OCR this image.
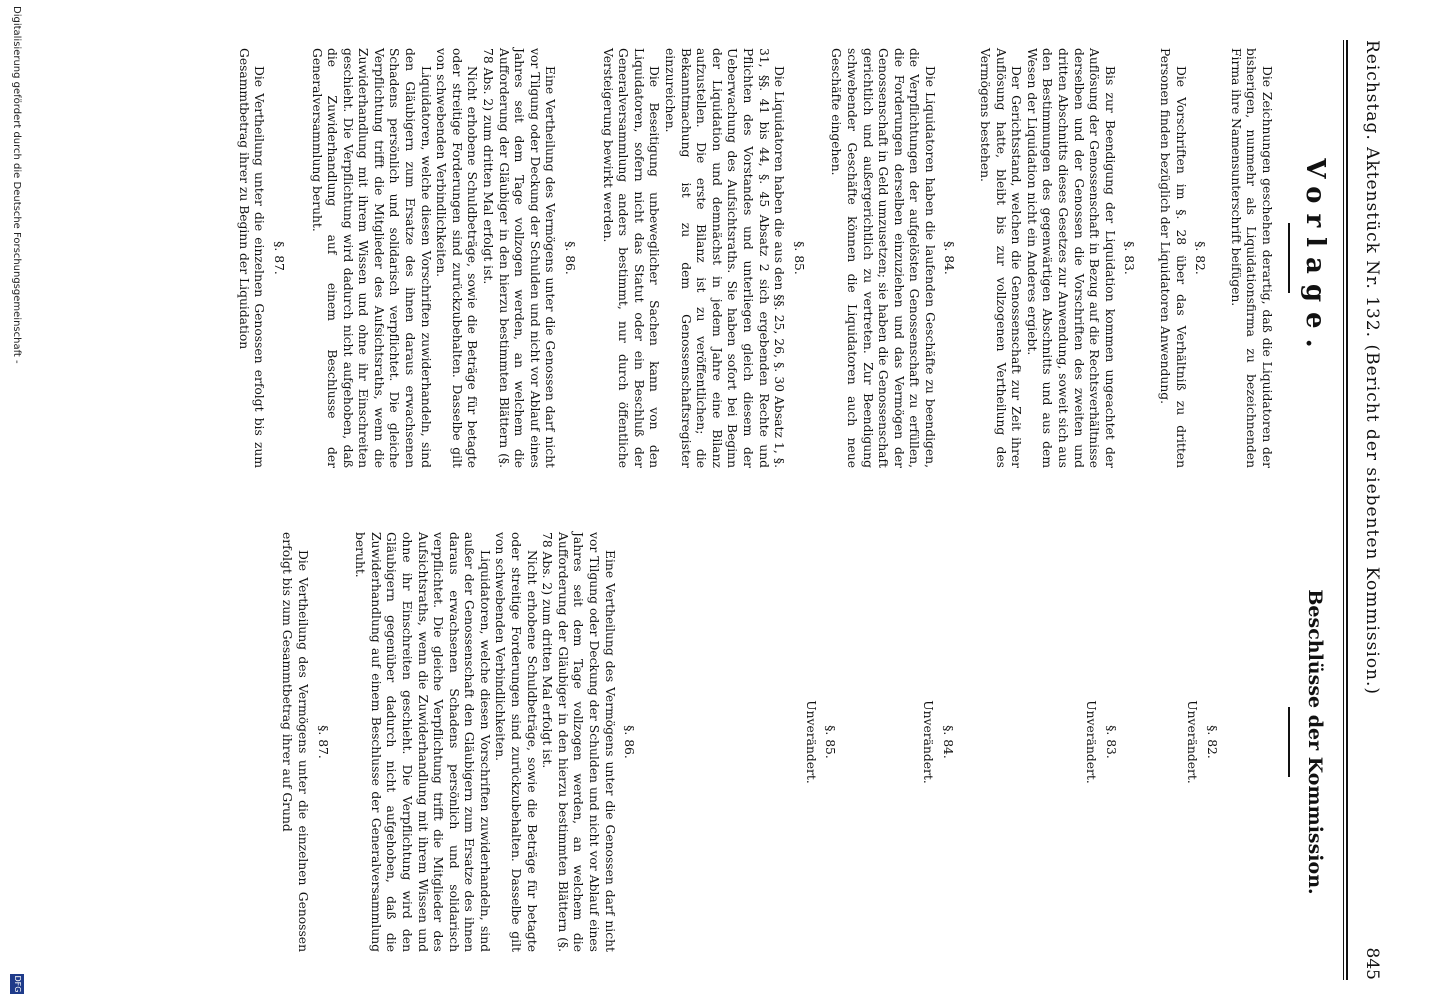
Reichstag. Aktenstück Nr. 132. (Bericht der siebenten Kommission.)
845
Vorlage.

Die Zeichnungen geschehen derartig, daß die Liquidatoren der bisherigen, nunmehr als Liquidationsfirma zu bezeichnenden Firma ihre Namensunterschrift beifügen.

§. 82.

Die Vorschriften im §. 28 über das Verhältniß zu dritten Personen finden bezüglich der Liquidatoren Anwendung.

§. 83.

Bis zur Beendigung der Liquidation kommen ungeachtet der Auflösung der Genossenschaft in Bezug auf die Rechtsverhältnisse derselben und der Genossen die Vorschriften des zweiten und dritten Abschnitts dieses Gesetzes zur Anwendung, soweit sich aus den Bestimmungen des gegenwärtigen Abschnitts und aus dem Wesen der Liquidation nicht ein Anderes ergiebt.

Der Gerichtsstand, welchen die Genossenschaft zur Zeit ihrer Auflösung hatte, bleibt bis zur vollzogenen Vertheilung des Vermögens bestehen.

§. 84.

Die Liquidatoren haben die laufenden Geschäfte zu beendigen, die Verpflichtungen der aufgelösten Genossenschaft zu erfüllen, die Forderungen derselben einzuziehen und das Vermögen der Genossenschaft in Geld umzusetzen; sie haben die Genossenschaft gerichtlich und außergerichtlich zu vertreten. Zur Beendigung schwebender Geschäfte können die Liquidatoren auch neue Geschäfte eingehen.

§. 85.

Die Liquidatoren haben die aus den §§. 25, 26, §. 30 Absatz 1, §. 31, §§. 41 bis 44, §. 45 Absatz 2 sich ergebenden Rechte und Pflichten des Vorstandes und unterliegen gleich diesem der Ueberwachung des Aufsichtsraths. Sie haben sofort bei Beginn der Liquidation und demnächst in jedem Jahre eine Bilanz aufzustellen. Die erste Bilanz ist zu veröffentlichen; die Bekanntmachung ist zu dem Genossenschaftsregister einzureichen.

Die Beseitigung unbeweglicher Sachen kann von den Liquidatoren, sofern nicht das Statut oder ein Beschluß der Generalversammlung anders bestimmt, nur durch öffentliche Versteigerung bewirkt werden.

§. 86.

Eine Vertheilung des Vermögens unter die Genossen darf nicht vor Tilgung oder Deckung der Schulden und nicht vor Ablauf eines Jahres seit dem Tage vollzogen werden, an welchem die Aufforderung der Gläubiger in den hierzu bestimmten Blättern (§. 78 Abs. 2) zum dritten Mal erfolgt ist.

Nicht erhobene Schuldbeträge, sowie die Beträge für betagte oder streitige Forderungen sind zurückzubehalten. Dasselbe gilt von schwebenden Verbindlichkeiten.

Liquidatoren, welche diesen Vorschriften zuwiderhandeln, sind den Gläubigern zum Ersatze des ihnen daraus erwachsenen Schadens persönlich und solidarisch verpflichtet. Die gleiche Verpflichtung trifft die Mitglieder des Aufsichtsraths, wenn die Zuwiderhandlung mit ihrem Wissen und ohne ihr Einschreiten geschieht. Die Verpflichtung wird dadurch nicht aufgehoben, daß die Zuwiderhandlung auf einem Beschlusse der Generalversammlung beruht.

§. 87.

Die Vertheilung unter die einzelnen Genossen erfolgt bis zum Gesammtbetrag ihrer zu Beginn der Liquidation

Beschlüsse der Kommission.
§. 82.
Unverändert.
§. 83.
Unverändert.
§. 84.
Unverändert.
§. 85.
Unverändert.
§. 86.

Eine Vertheilung des Vermögens unter die Genossen darf nicht vor Tilgung oder Deckung der Schulden und nicht vor Ablauf eines Jahres seit dem Tage vollzogen werden, an welchem die Aufforderung der Gläubiger in den hierzu bestimmten Blättern (§. 78 Abs. 2) zum dritten Mal erfolgt ist.

Nicht erhobene Schuldbeträge, sowie die Beträge für betagte oder streitige Forderungen sind zurückzubehalten. Dasselbe gilt von schwebenden Verbindlichkeiten.

Liquidatoren, welche diesen Vorschriften zuwiderhandeln, sind außer der Genossenschaft den Gläubigern zum Ersatze des ihnen daraus erwachsenen Schadens persönlich und solidarisch verpflichtet. Die gleiche Verpflichtung trifft die Mitglieder des Aufsichtsraths, wenn die Zuwiderhandlung mit ihrem Wissen und ohne ihr Einschreiten geschieht. Die Verpflichtung wird den Gläubigern gegenüber dadurch nicht aufgehoben, daß die Zuwiderhandlung auf einem Beschlusse der Generalversammlung beruht.

§. 87.

Die Vertheilung des Vermögens unter die einzelnen Genossen erfolgt bis zum Gesammtbetrag ihrer auf Grund

Digitalisierung gefördert durch die Deutsche Forschungsgemeinschaft -
DFG
